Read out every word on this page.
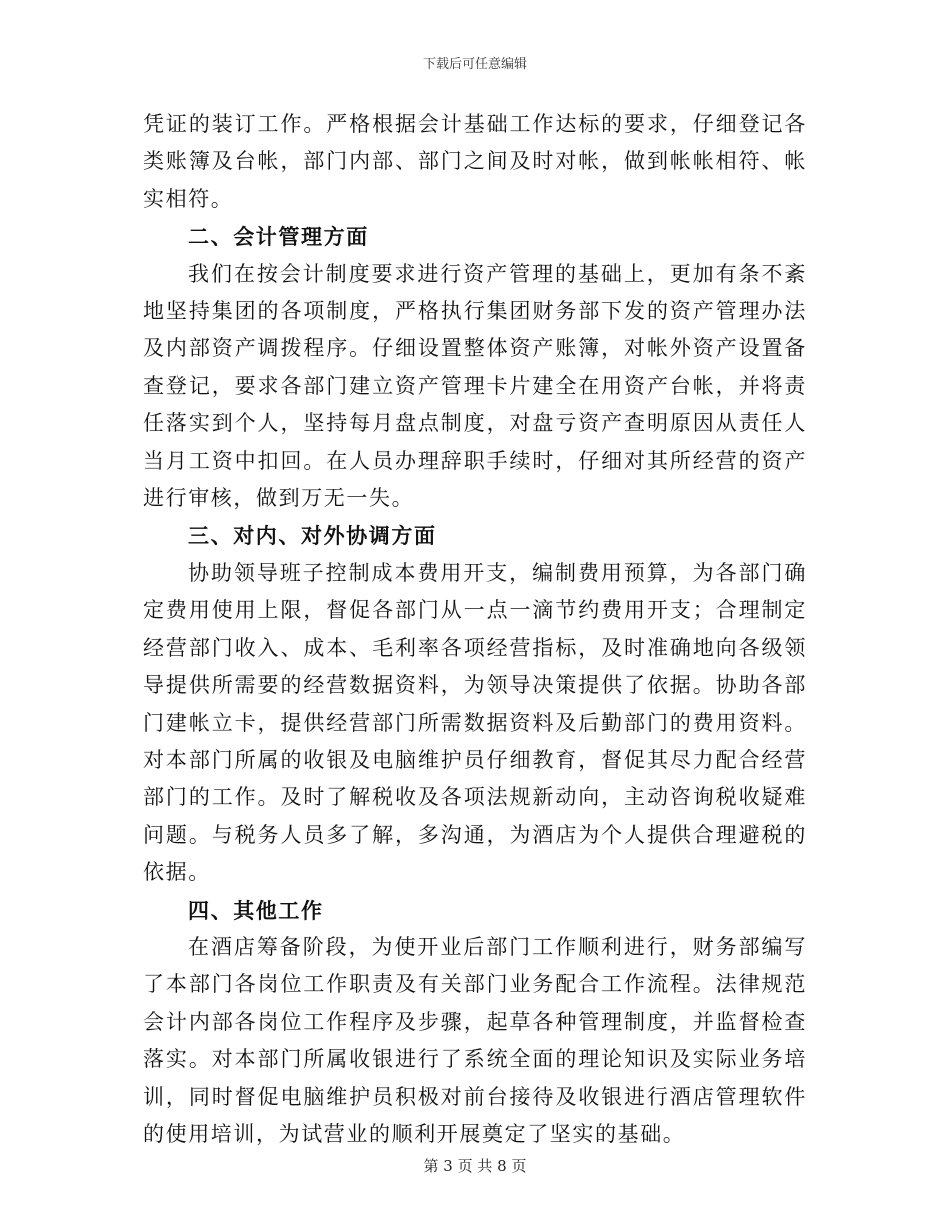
下载后可任意编辑

凭证的装订工作。严格根据会计基础工作达标的要求，仔细登记各类账簿及台帐，部门内部、部门之间及时对帐，做到帐帐相符、帐实相符。

二、会计管理方面

我们在按会计制度要求进行资产管理的基础上，更加有条不紊地坚持集团的各项制度，严格执行集团财务部下发的资产管理办法及内部资产调拨程序。仔细设置整体资产账簿，对帐外资产设置备查登记，要求各部门建立资产管理卡片建全在用资产台帐，并将责任落实到个人，坚持每月盘点制度，对盘亏资产查明原因从责任人当月工资中扣回。在人员办理辞职手续时，仔细对其所经营的资产进行审核，做到万无一失。

三、对内、对外协调方面

协助领导班子控制成本费用开支，编制费用预算，为各部门确定费用使用上限，督促各部门从一点一滴节约费用开支；合理制定经营部门收入、成本、毛利率各项经营指标，及时准确地向各级领导提供所需要的经营数据资料，为领导决策提供了依据。协助各部门建帐立卡，提供经营部门所需数据资料及后勤部门的费用资料。对本部门所属的收银及电脑维护员仔细教育，督促其尽力配合经营部门的工作。及时了解税收及各项法规新动向，主动咨询税收疑难问题。与税务人员多了解，多沟通，为酒店为个人提供合理避税的依据。

四、其他工作

在酒店筹备阶段，为使开业后部门工作顺利进行，财务部编写了本部门各岗位工作职责及有关部门业务配合工作流程。法律规范会计内部各岗位工作程序及步骤，起草各种管理制度，并监督检查落实。对本部门所属收银进行了系统全面的理论知识及实际业务培训，同时督促电脑维护员积极对前台接待及收银进行酒店管理软件的使用培训，为试营业的顺利开展奠定了坚实的基础。

第 3 页 共 8 页
